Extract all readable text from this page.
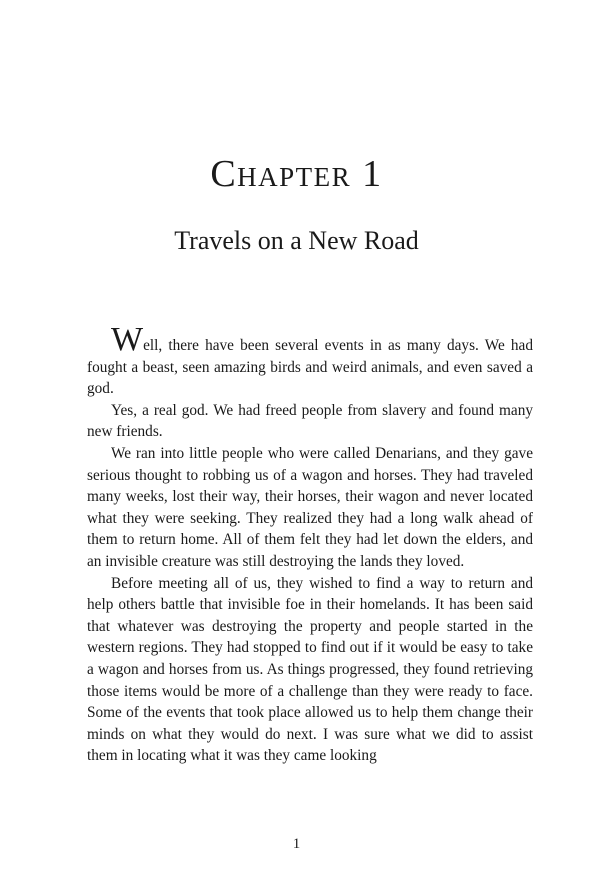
Chapter 1
Travels on a New Road

Well, there have been several events in as many days. We had fought a beast, seen amazing birds and weird animals, and even saved a god.

Yes, a real god. We had freed people from slavery and found many new friends.

We ran into little people who were called Denarians, and they gave serious thought to robbing us of a wagon and horses. They had traveled many weeks, lost their way, their horses, their wagon and never located what they were seeking. They realized they had a long walk ahead of them to return home. All of them felt they had let down the elders, and an invisible creature was still destroying the lands they loved.

Before meeting all of us, they wished to find a way to return and help others battle that invisible foe in their homelands. It has been said that whatever was destroying the property and people started in the western regions. They had stopped to find out if it would be easy to take a wagon and horses from us. As things progressed, they found retrieving those items would be more of a challenge than they were ready to face. Some of the events that took place allowed us to help them change their minds on what they would do next. I was sure what we did to assist them in locating what it was they came looking

1
